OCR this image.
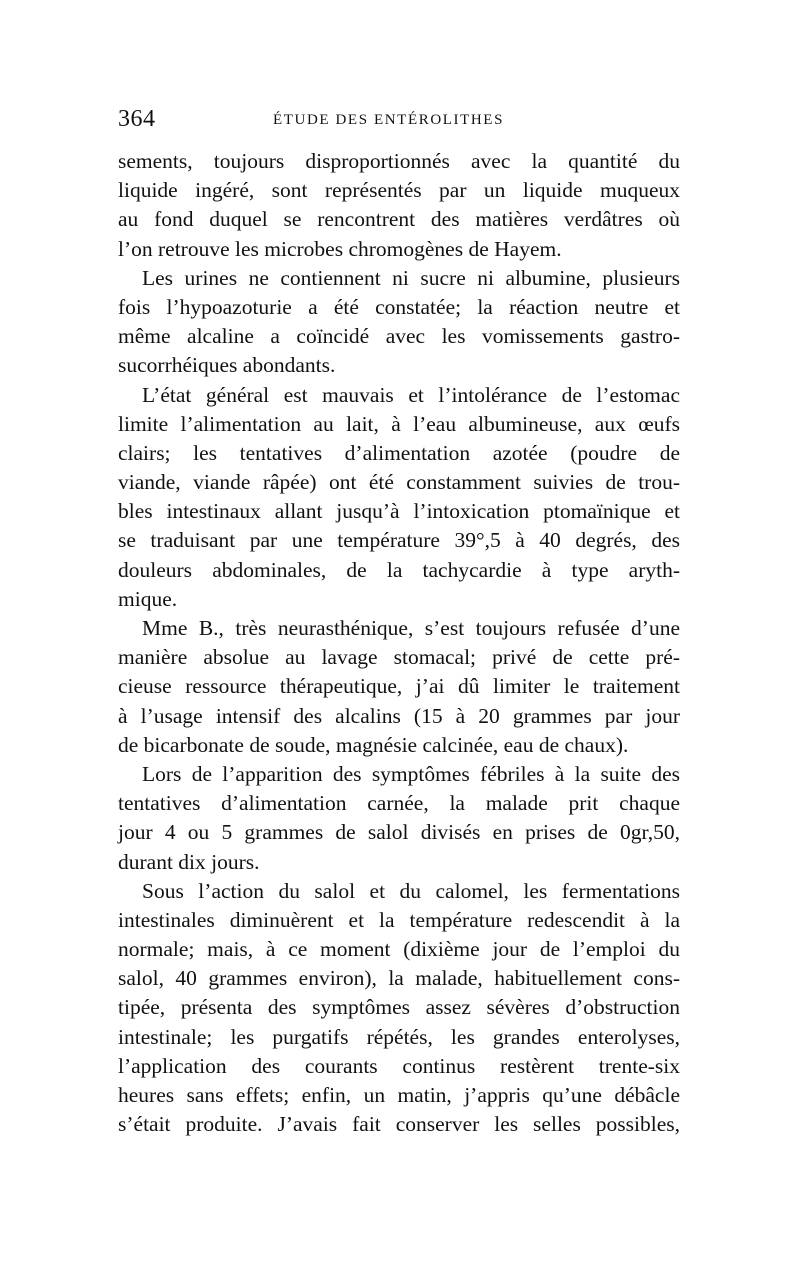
364	ÉTUDE DES ENTÉROLITHES
sements, toujours disproportionnés avec la quantité du
liquide ingéré, sont représentés par un liquide muqueux
au fond duquel se rencontrent des matières verdâtres où
l’on retrouve les microbes chromogènes de Hayem.
Les urines ne contiennent ni sucre ni albumine, plusieurs
fois l’hypoazoturie a été constatée; la réaction neutre et
même alcaline a coïncidé avec les vomissements gastro-
sucorrhéiques abondants.
L’état général est mauvais et l’intolérance de l’estomac
limite l’alimentation au lait, à l’eau albumineuse, aux œufs
clairs; les tentatives d’alimentation azotée (poudre de
viande, viande râpée) ont été constamment suivies de trou-
bles intestinaux allant jusqu’à l’intoxication ptomaïnique et
se traduisant par une température 39°,5 à 40 degrés, des
douleurs abdominales, de la tachycardie à type aryth-
mique.
Mme B., très neurasthénique, s’est toujours refusée d’une
manière absolue au lavage stomacal; privé de cette pré-
cieuse ressource thérapeutique, j’ai dû limiter le traitement
à l’usage intensif des alcalins (15 à 20 grammes par jour
de bicarbonate de soude, magnésie calcinée, eau de chaux).
Lors de l’apparition des symptômes fébriles à la suite des
tentatives d’alimentation carnée, la malade prit chaque
jour 4 ou 5 grammes de salol divisés en prises de 0gr,50,
durant dix jours.
Sous l’action du salol et du calomel, les fermentations
intestinales diminuèrent et la température redescendit à la
normale; mais, à ce moment (dixième jour de l’emploi du
salol, 40 grammes environ), la malade, habituellement cons-
tipée, présenta des symptômes assez sévères d’obstruction
intestinale; les purgatifs répétés, les grandes enterolyses,
l’application des courants continus restèrent trente-six
heures sans effets; enfin, un matin, j’appris qu’une débâcle
s’était produite. J’avais fait conserver les selles possibles,
